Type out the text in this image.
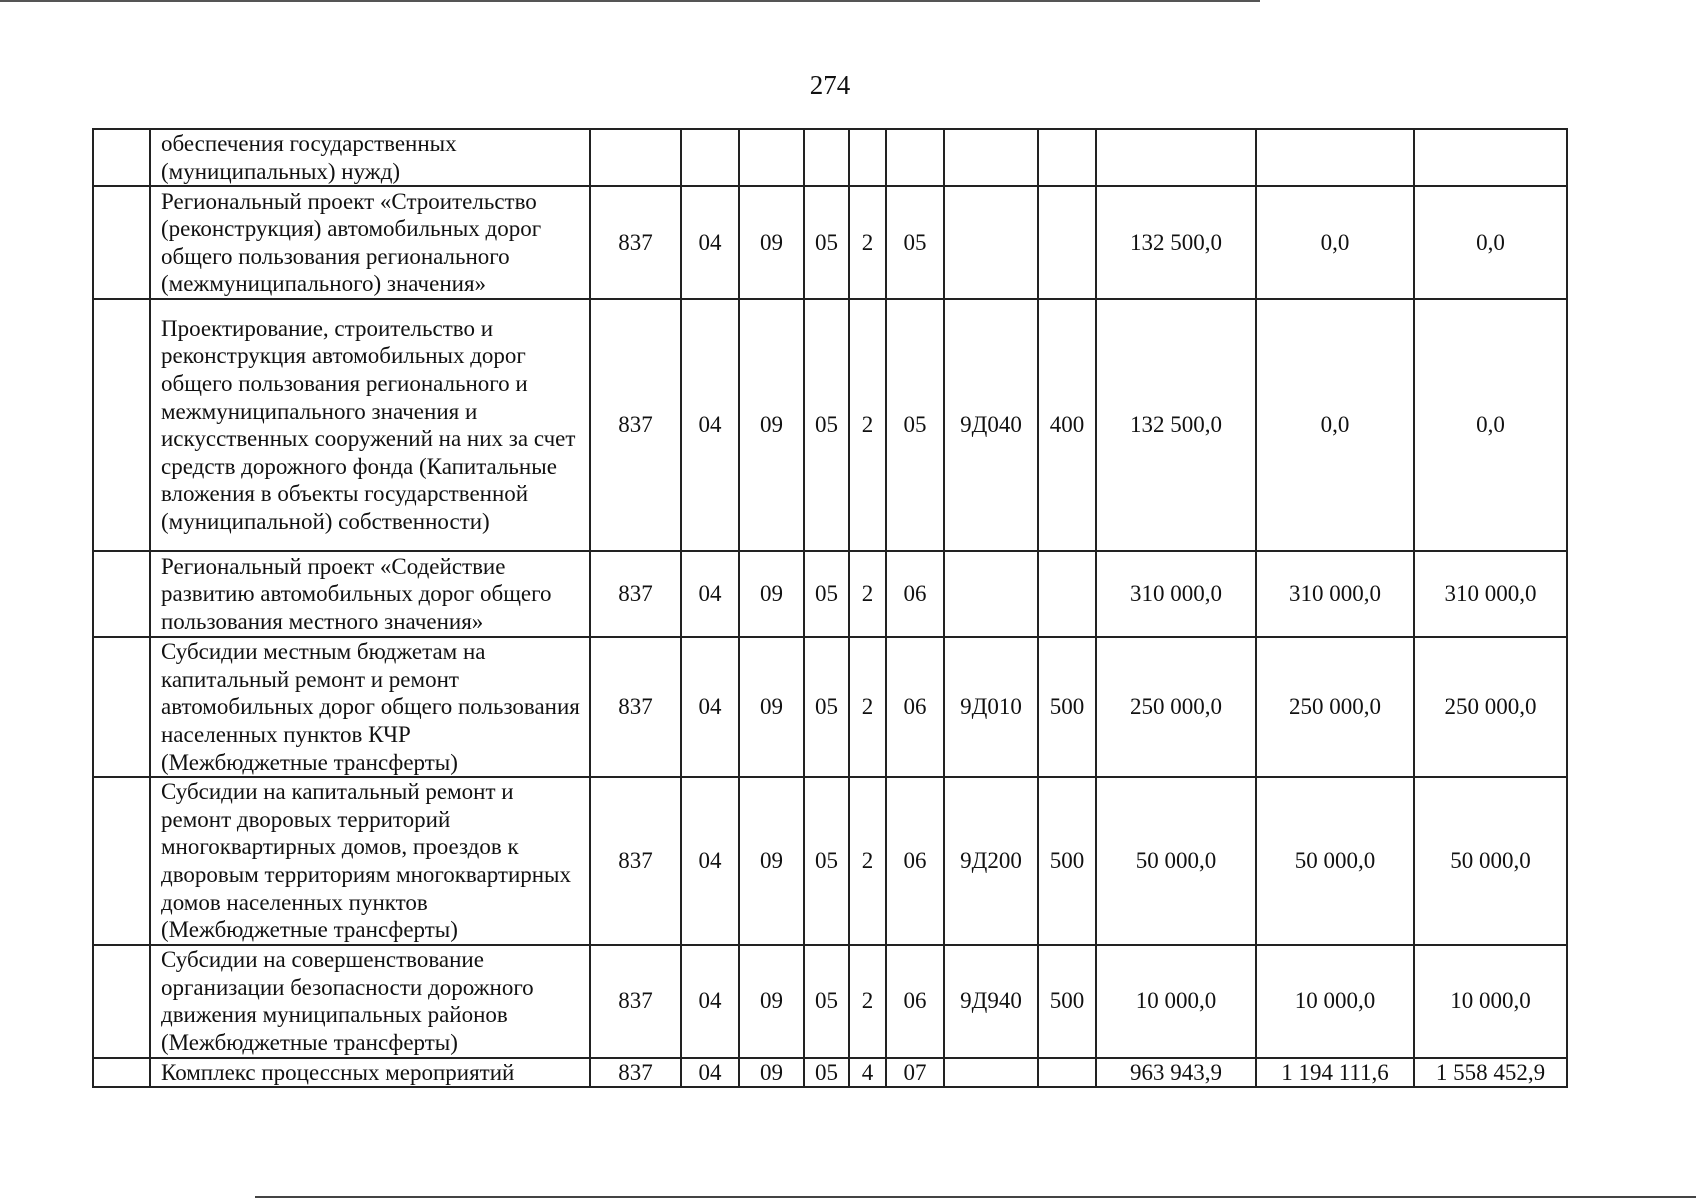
274
	обеспечения государственных (муниципальных) нужд)											
	Региональный проект «Строительство (реконструкция) автомобильных дорог общего пользования регионального (межмуниципального) значения»	837	04	09	05	2	05			132 500,0	0,0	0,0
	Проектирование, строительство и реконструкция автомобильных дорог общего пользования регионального и межмуниципального значения и искусственных сооружений на них за счет средств дорожного фонда (Капитальные вложения в объекты государственной (муниципальной) собственности)	837	04	09	05	2	05	9Д040	400	132 500,0	0,0	0,0
	Региональный проект «Содействие развитию автомобильных дорог общего пользования местного значения»	837	04	09	05	2	06			310 000,0	310 000,0	310 000,0
	Субсидии местным бюджетам на капитальный ремонт и ремонт автомобильных дорог общего пользования населенных пунктов КЧР (Межбюджетные трансферты)	837	04	09	05	2	06	9Д010	500	250 000,0	250 000,0	250 000,0
	Субсидии на капитальный ремонт и ремонт дворовых территорий многоквартирных домов, проездов к дворовым территориям многоквартирных домов населенных пунктов (Межбюджетные трансферты)	837	04	09	05	2	06	9Д200	500	50 000,0	50 000,0	50 000,0
	Субсидии на совершенствование организации безопасности дорожного движения муниципальных районов (Межбюджетные трансферты)	837	04	09	05	2	06	9Д940	500	10 000,0	10 000,0	10 000,0
	Комплекс процессных мероприятий	837	04	09	05	4	07			963 943,9	1 194 111,6	1 558 452,9
